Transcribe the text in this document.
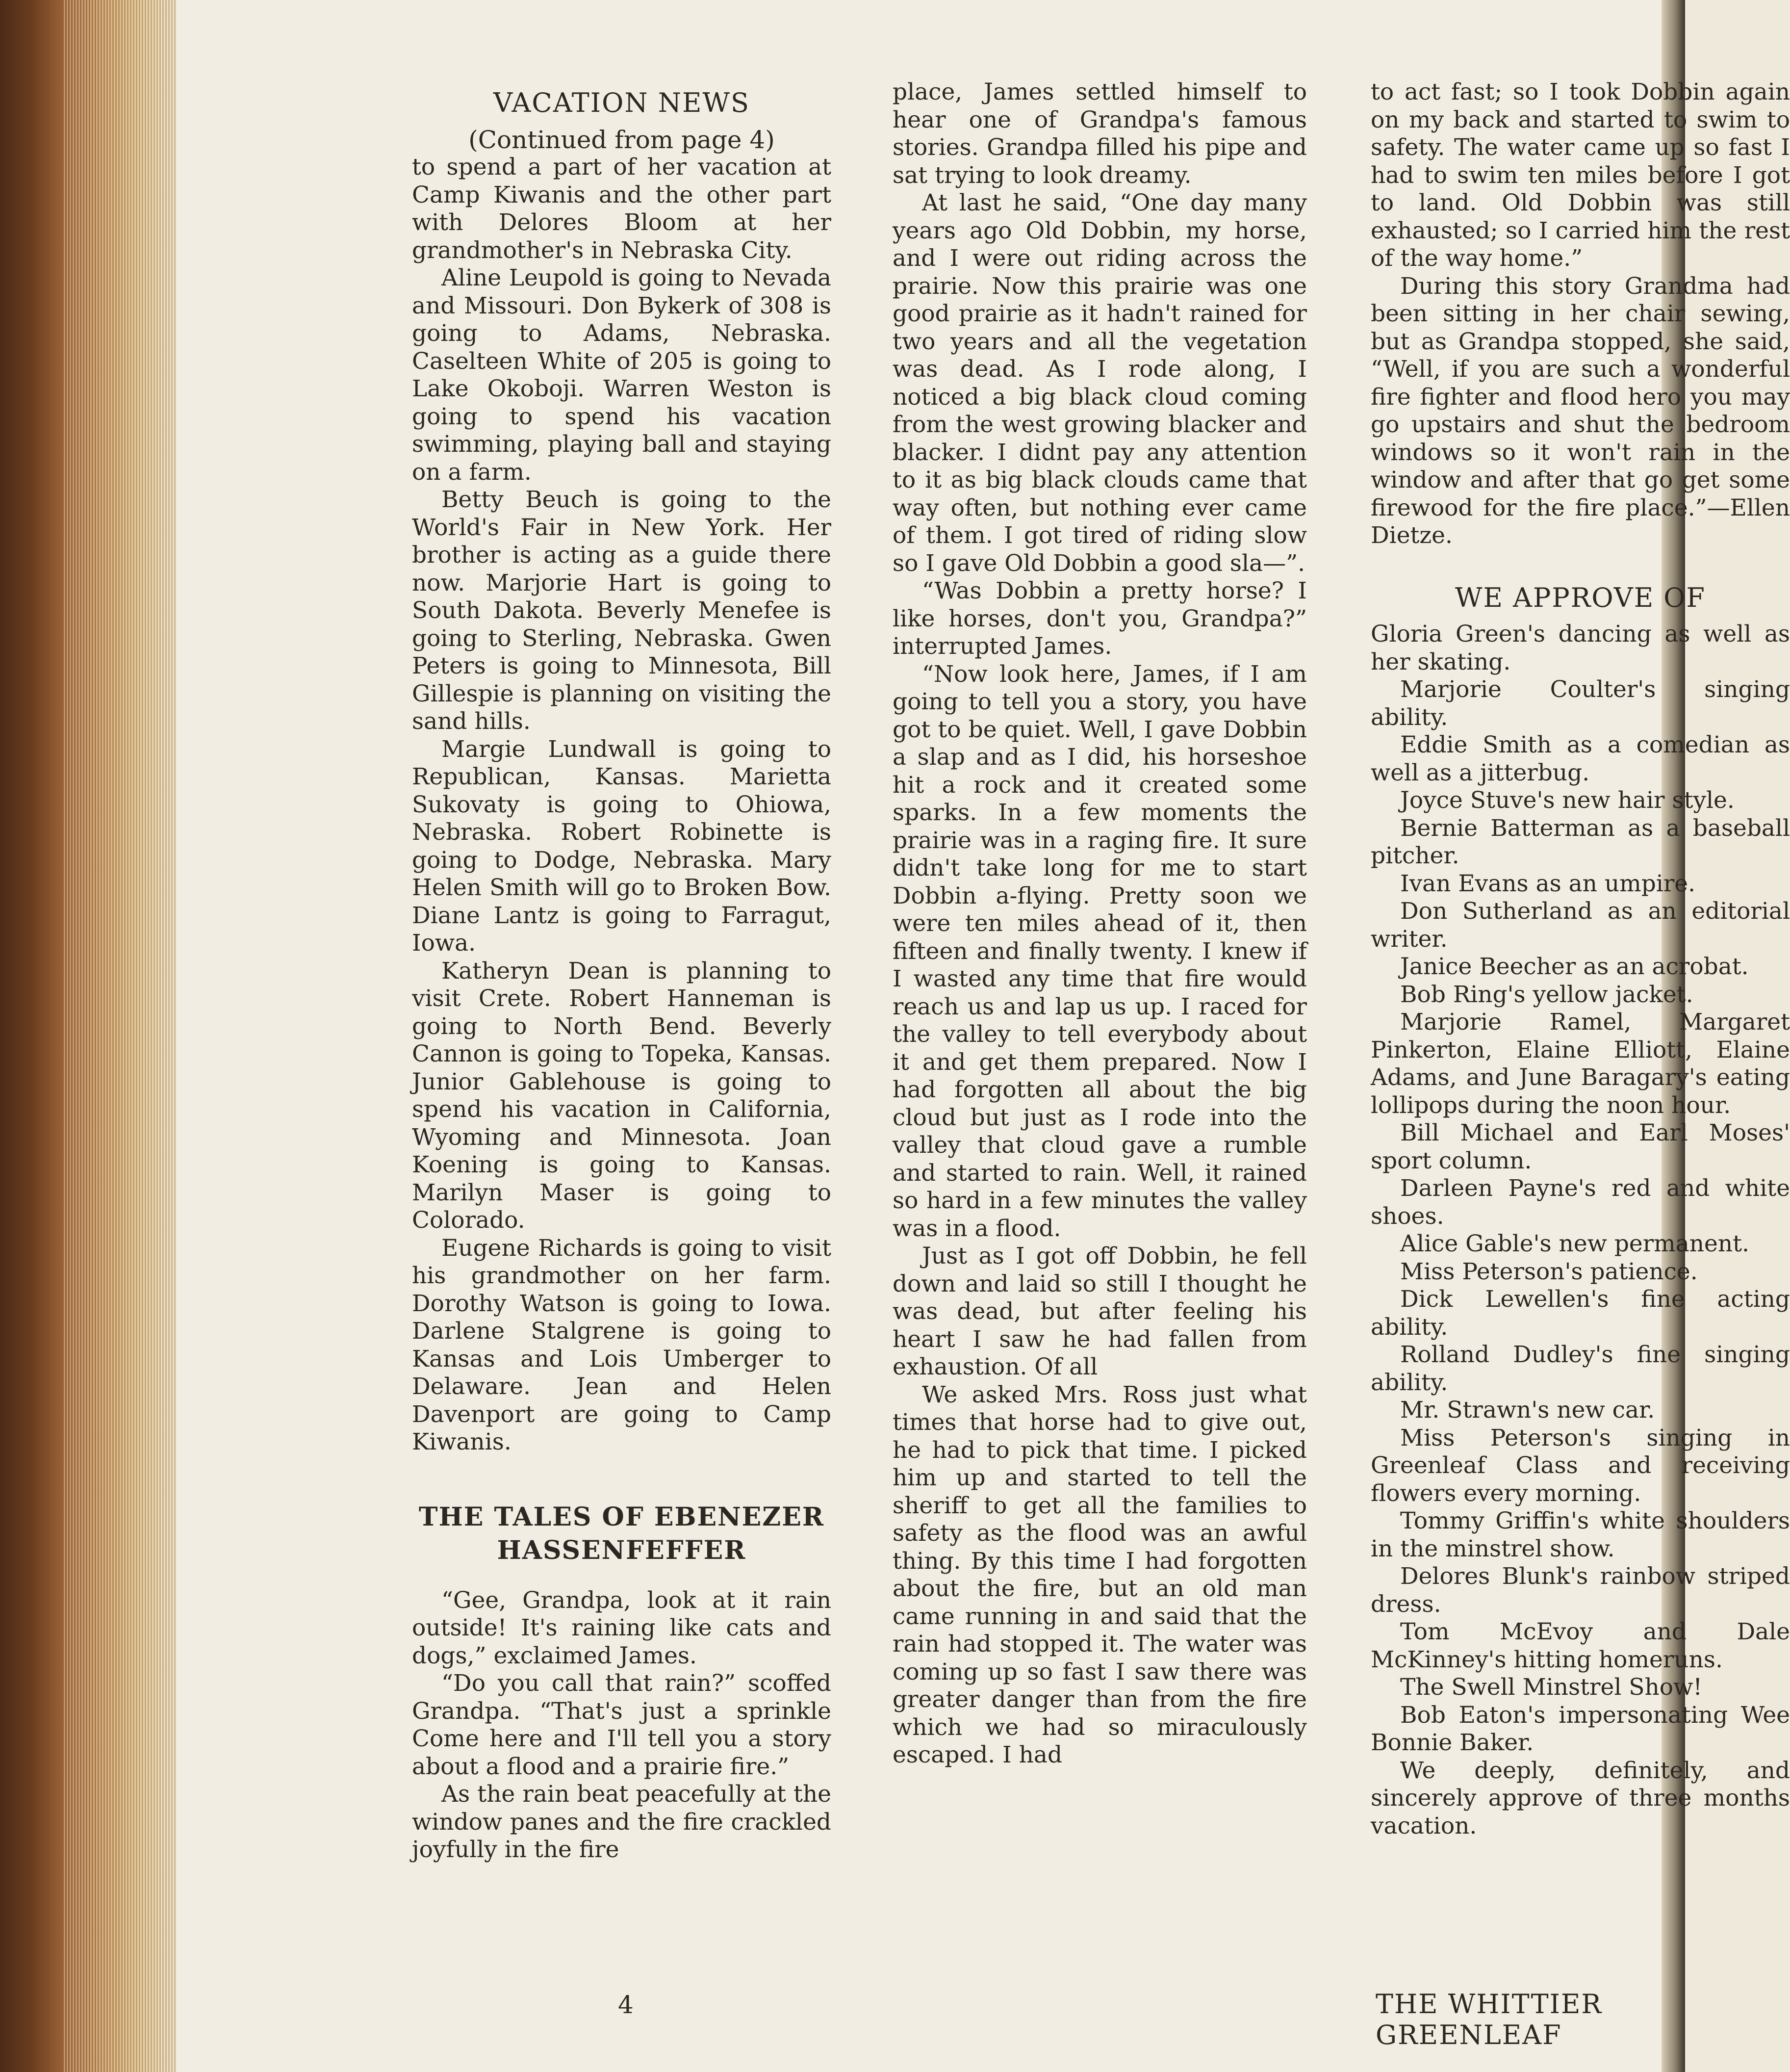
VACATION NEWS
(Continued from page 4)

to spend a part of her vacation at Camp Kiwanis and the other part with Delores Bloom at her grandmother's in Nebraska City.

Aline Leupold is going to Nevada and Missouri. Don Bykerk of 308 is going to Adams, Nebraska. Caselteen White of 205 is going to Lake Okoboji. Warren Weston is going to spend his vacation swimming, playing ball and staying on a farm.

Betty Beuch is going to the World's Fair in New York. Her brother is acting as a guide there now. Marjorie Hart is going to South Dakota. Beverly Menefee is going to Sterling, Nebraska. Gwen Peters is going to Minnesota, Bill Gillespie is planning on visiting the sand hills.

Margie Lundwall is going to Republican, Kansas. Marietta Sukovaty is going to Ohiowa, Nebraska. Robert Robinette is going to Dodge, Nebraska. Mary Helen Smith will go to Broken Bow. Diane Lantz is going to Farragut, Iowa.

Katheryn Dean is planning to visit Crete. Robert Hanneman is going to North Bend. Beverly Cannon is going to Topeka, Kansas. Junior Gablehouse is going to spend his vacation in California, Wyoming and Minnesota. Joan Koening is going to Kansas. Marilyn Maser is going to Colorado.

Eugene Richards is going to visit his grandmother on her farm. Dorothy Watson is going to Iowa. Darlene Stalgrene is going to Kansas and Lois Umberger to Delaware. Jean and Helen Davenport are going to Camp Kiwanis.

THE TALES OF EBENEZER HASSENFEFFER

“Gee, Grandpa, look at it rain outside! It's raining like cats and dogs,” exclaimed James.

“Do you call that rain?” scoffed Grandpa. “That's just a sprinkle Come here and I'll tell you a story about a flood and a prairie fire.”

As the rain beat peacefully at the window panes and the fire crackled joyfully in the fire

place, James settled himself to hear one of Grandpa's famous stories. Grandpa filled his pipe and sat trying to look dreamy.

At last he said, “One day many years ago Old Dobbin, my horse, and I were out riding across the prairie. Now this prairie was one good prairie as it hadn't rained for two years and all the vegetation was dead. As I rode along, I noticed a big black cloud coming from the west growing blacker and blacker. I didnt pay any attention to it as big black clouds came that way often, but nothing ever came of them. I got tired of riding slow so I gave Old Dobbin a good sla—”.

“Was Dobbin a pretty horse? I like horses, don't you, Grandpa?” interrupted James.

“Now look here, James, if I am going to tell you a story, you have got to be quiet. Well, I gave Dobbin a slap and as I did, his horseshoe hit a rock and it created some sparks. In a few moments the prairie was in a raging fire. It sure didn't take long for me to start Dobbin a-flying. Pretty soon we were ten miles ahead of it, then fifteen and finally twenty. I knew if I wasted any time that fire would reach us and lap us up. I raced for the valley to tell everybody about it and get them prepared. Now I had forgotten all about the big cloud but just as I rode into the valley that cloud gave a rumble and started to rain. Well, it rained so hard in a few minutes the valley was in a flood.

Just as I got off Dobbin, he fell down and laid so still I thought he was dead, but after feeling his heart I saw he had fallen from exhaustion. Of all

We asked Mrs. Ross just what times that horse had to give out, he had to pick that time. I picked him up and started to tell the sheriff to get all the families to safety as the flood was an awful thing. By this time I had forgotten about the fire, but an old man came running in and said that the rain had stopped it. The water was coming up so fast I saw there was greater danger than from the fire which we had so miraculously escaped. I had

to act fast; so I took Dobbin again on my back and started to swim to safety. The water came up so fast I had to swim ten miles before I got to land. Old Dobbin was still exhausted; so I carried him the rest of the way home.”

During this story Grandma had been sitting in her chair sewing, but as Grandpa stopped, she said, “Well, if you are such a wonderful fire fighter and flood hero you may go upstairs and shut the bedroom windows so it won't rain in the window and after that go get some firewood for the fire place.”—Ellen Dietze.

WE APPROVE OF

Gloria Green's dancing as well as her skating.

Marjorie Coulter's singing ability.

Eddie Smith as a comedian as well as a jitterbug.

Joyce Stuve's new hair style.

Bernie Batterman as a baseball pitcher.

Ivan Evans as an umpire.

Don Sutherland as an editorial writer.

Janice Beecher as an acrobat.

Bob Ring's yellow jacket.

Marjorie Ramel, Margaret Pinkerton, Elaine Elliott, Elaine Adams, and June Baragary's eating lollipops during the noon hour.

Bill Michael and Earl Moses' sport column.

Darleen Payne's red and white shoes.

Alice Gable's new permanent.

Miss Peterson's patience.

Dick Lewellen's fine acting ability.

Rolland Dudley's fine singing ability.

Mr. Strawn's new car.

Miss Peterson's singing in Greenleaf Class and receiving flowers every morning.

Tommy Griffin's white shoulders in the minstrel show.

Delores Blunk's rainbow striped dress.

Tom McEvoy and Dale McKinney's hitting homeruns.

The Swell Minstrel Show!

Bob Eaton's impersonating Wee Bonnie Baker.

We deeply, definitely, and sincerely approve of three months vacation.

4	THE WHITTIER GREENLEAF
